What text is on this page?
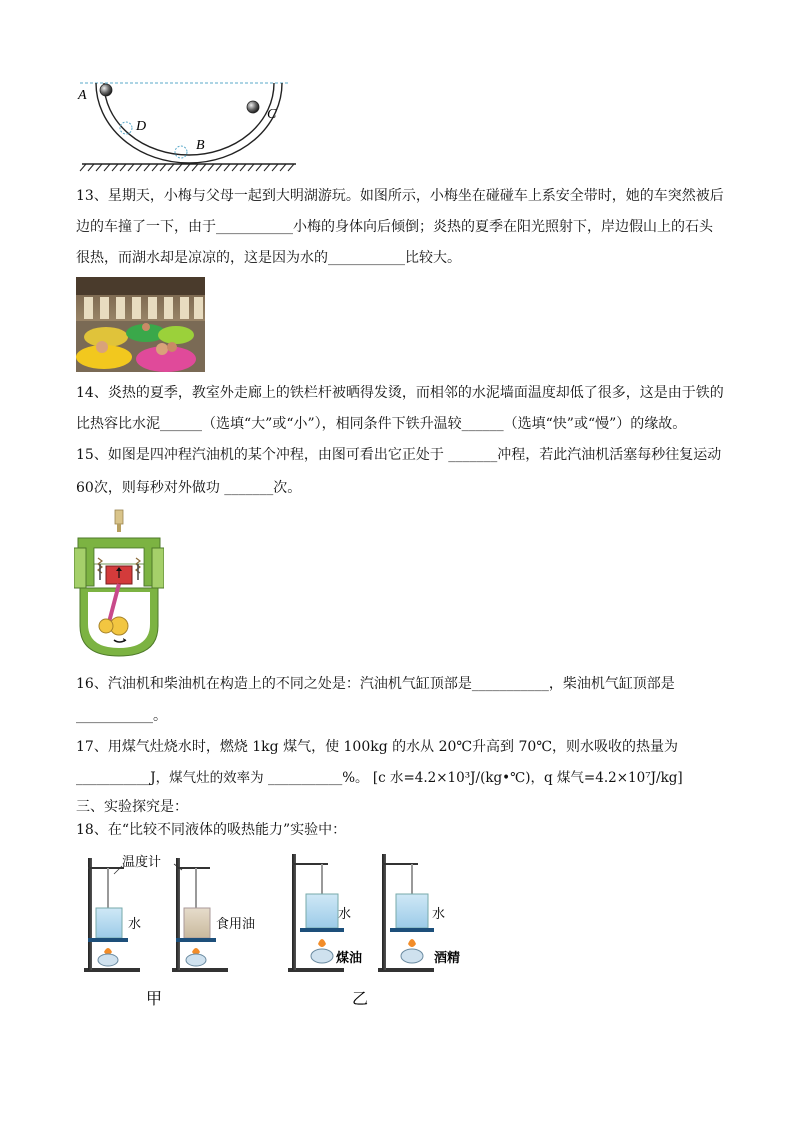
A
D
B
C
13、星期天，小梅与父母一起到大明湖游玩。如图所示，小梅坐在碰碰车上系安全带时，她的车突然被后
边的车撞了一下，由于___________小梅的身体向后倾倒；炎热的夏季在阳光照射下，岸边假山上的石头
很热，而湖水却是凉凉的，这是因为水的___________比较大。
14、炎热的夏季，教室外走廊上的铁栏杆被晒得发烫，而相邻的水泥墙面温度却低了很多，这是由于铁的
比热容比水泥______（选填“大”或“小”），相同条件下铁升温较______（选填“快”或“慢”）的缘故。
15、如图是四冲程汽油机的某个冲程，由图可看出它正处于 _______冲程，若此汽油机活塞每秒往复运动
60次，则每秒对外做功 _______次。
16、汽油机和柴油机在构造上的不同之处是：汽油机气缸顶部是___________，柴油机气缸顶部是
___________。
17、用煤气灶烧水时，燃烧 1kg 煤气，使 100kg 的水从 20℃升高到 70℃，则水吸收的热量为
___________J，煤气灶的效率为 ___________%。 [c 水=4.2×10³J/(kg•℃)，q 煤气=4.2×10⁷J/kg]
三、实验探究是：
18、在“比较不同液体的吸热能力”实验中：
温度计
水	食用油
水
煤油
水
酒精
甲	乙
